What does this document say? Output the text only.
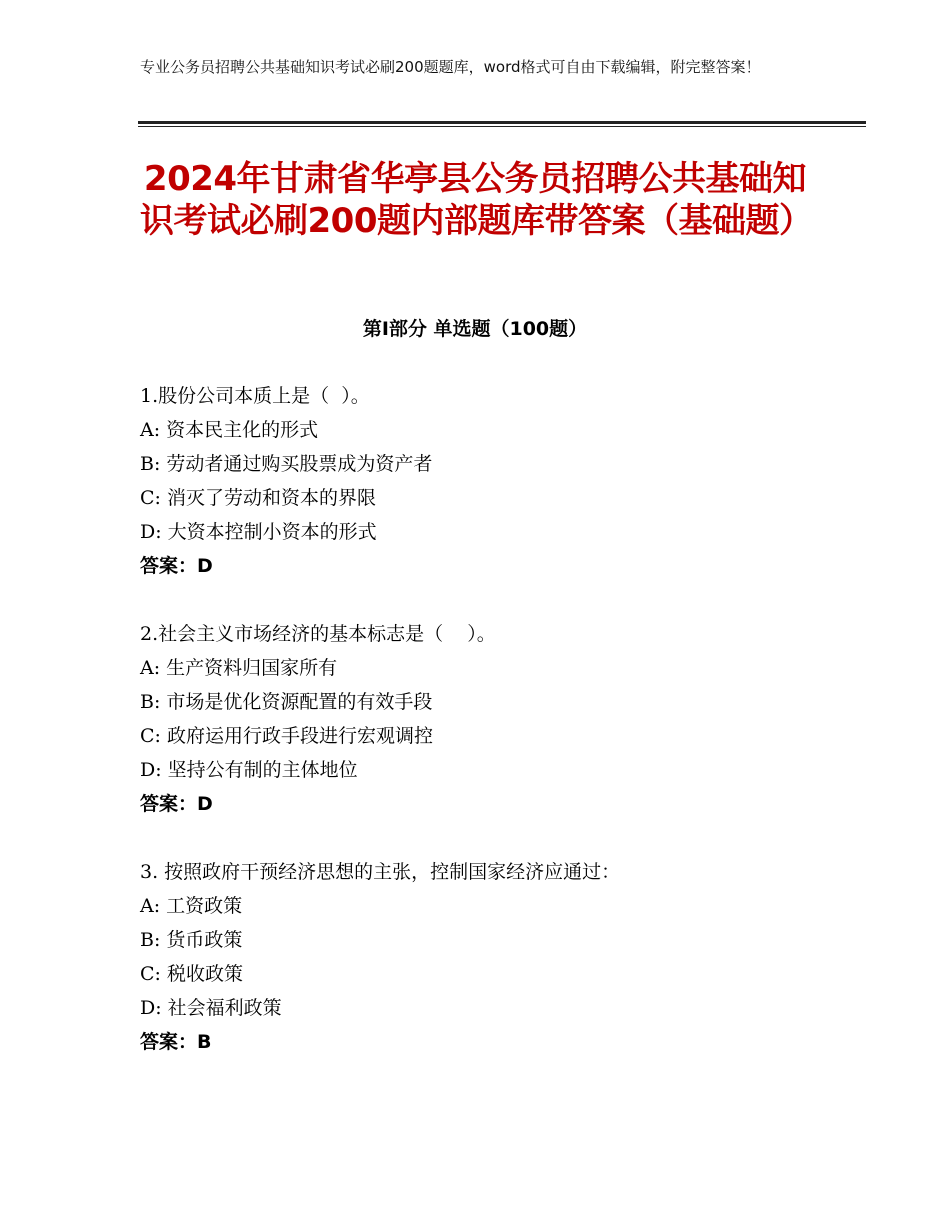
专业公务员招聘公共基础知识考试必刷200题题库，word格式可自由下载编辑，附完整答案！
2024年甘肃省华亭县公务员招聘公共基础知识考试必刷200题内部题库带答案（基础题）
第Ⅰ部分 单选题（100题）
1.股份公司本质上是（  ）。
A: 资本民主化的形式
B: 劳动者通过购买股票成为资产者
C: 消灭了劳动和资本的界限
D: 大资本控制小资本的形式
答案：D
2.社会主义市场经济的基本标志是（    ）。
A: 生产资料归国家所有
B: 市场是优化资源配置的有效手段
C: 政府运用行政手段进行宏观调控
D: 坚持公有制的主体地位
答案：D
3. 按照政府干预经济思想的主张，控制国家经济应通过：
A: 工资政策
B: 货币政策
C: 税收政策
D: 社会福利政策
答案：B
